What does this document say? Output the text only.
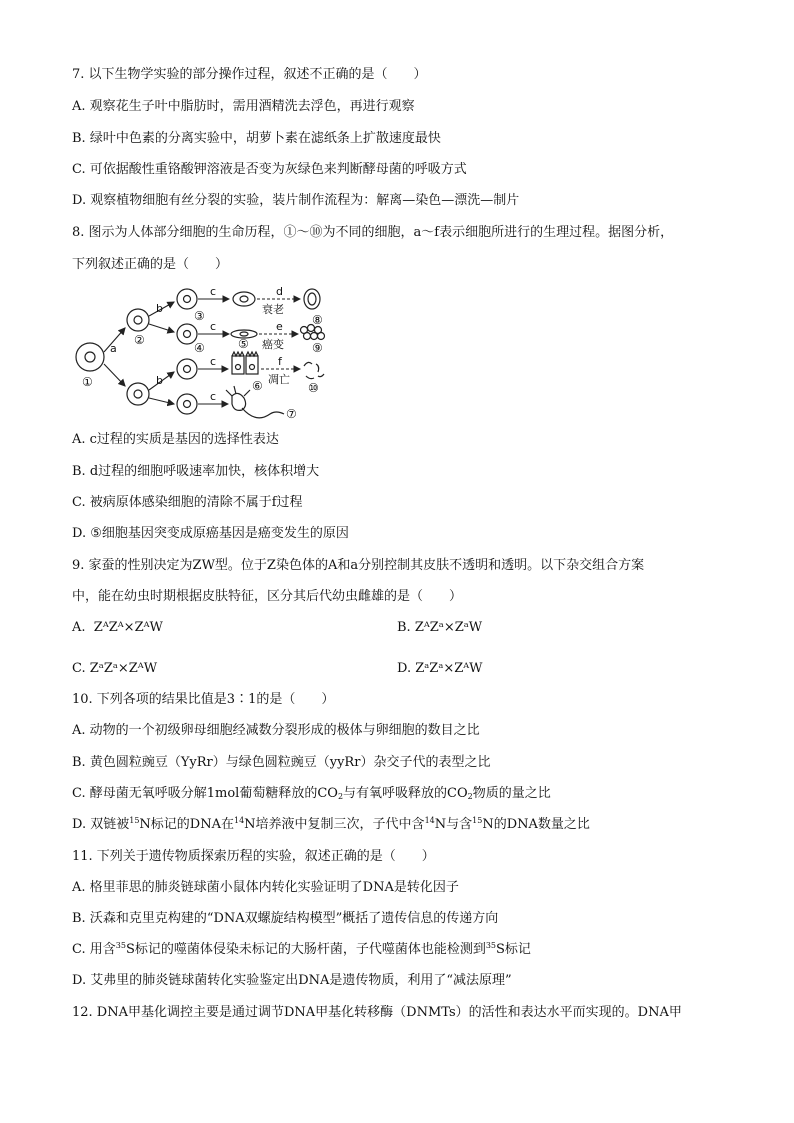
7. 以下生物学实验的部分操作过程，叙述不正确的是（　　）
A. 观察花生子叶中脂肪时，需用酒精洗去浮色，再进行观察
B. 绿叶中色素的分离实验中，胡萝卜素在滤纸条上扩散速度最快
C. 可依据酸性重铬酸钾溶液是否变为灰绿色来判断酵母菌的呼吸方式
D. 观察植物细胞有丝分裂的实验，装片制作流程为：解离—染色—漂洗—制片
8. 图示为人体部分细胞的生命历程，①～⑩为不同的细胞，a～f表示细胞所进行的生理过程。据图分析，
下列叙述正确的是（　　）
a
b
b
c
c
c
c
d
e
f
衰老
癌变
凋亡
①
②
③
④	⑤
⑥
⑦
⑧
⑨
⑩
A. c过程的实质是基因的选择性表达
B. d过程的细胞呼吸速率加快，核体积增大
C. 被病原体感染细胞的清除不属于f过程
D. ⑤细胞基因突变成原癌基因是癌变发生的原因
9. 家蚕的性别决定为ZW型。位于Z染色体的A和a分别控制其皮肤不透明和透明。以下杂交组合方案
中，能在幼虫时期根据皮肤特征，区分其后代幼虫雌雄的是（　　）
A. ZᴬZᴬ×ZᴬW	B. ZᴬZᵃ×ZᵃW
C. ZᵃZᵃ×ZᴬW	D. ZᵃZᵃ×ZᴬW
10. 下列各项的结果比值是3∶1的是（　　）
A. 动物的一个初级卵母细胞经减数分裂形成的极体与卵细胞的数目之比
B. 黄色圆粒豌豆（YyRr）与绿色圆粒豌豆（yyRr）杂交子代的表型之比
C. 酵母菌无氧呼吸分解1mol葡萄糖释放的$CO_2$与有氧呼吸释放的$CO_2$物质的量之比
D. 双链被$^{15}$N标记的DNA在$^{14}$N培养液中复制三次，子代中含$^{14}$N与含$^{15}$N的DNA数量之比
11. 下列关于遗传物质探索历程的实验，叙述正确的是（　　）
A. 格里菲思的肺炎链球菌小鼠体内转化实验证明了DNA是转化因子
B. 沃森和克里克构建的“DNA双螺旋结构模型”概括了遗传信息的传递方向
C. 用含$^{35}$S标记的噬菌体侵染未标记的大肠杆菌，子代噬菌体也能检测到$^{35}$S标记
D. 艾弗里的肺炎链球菌转化实验鉴定出DNA是遗传物质，利用了“减法原理”
12. DNA甲基化调控主要是通过调节DNA甲基化转移酶（DNMTs）的活性和表达水平而实现的。DNA甲
